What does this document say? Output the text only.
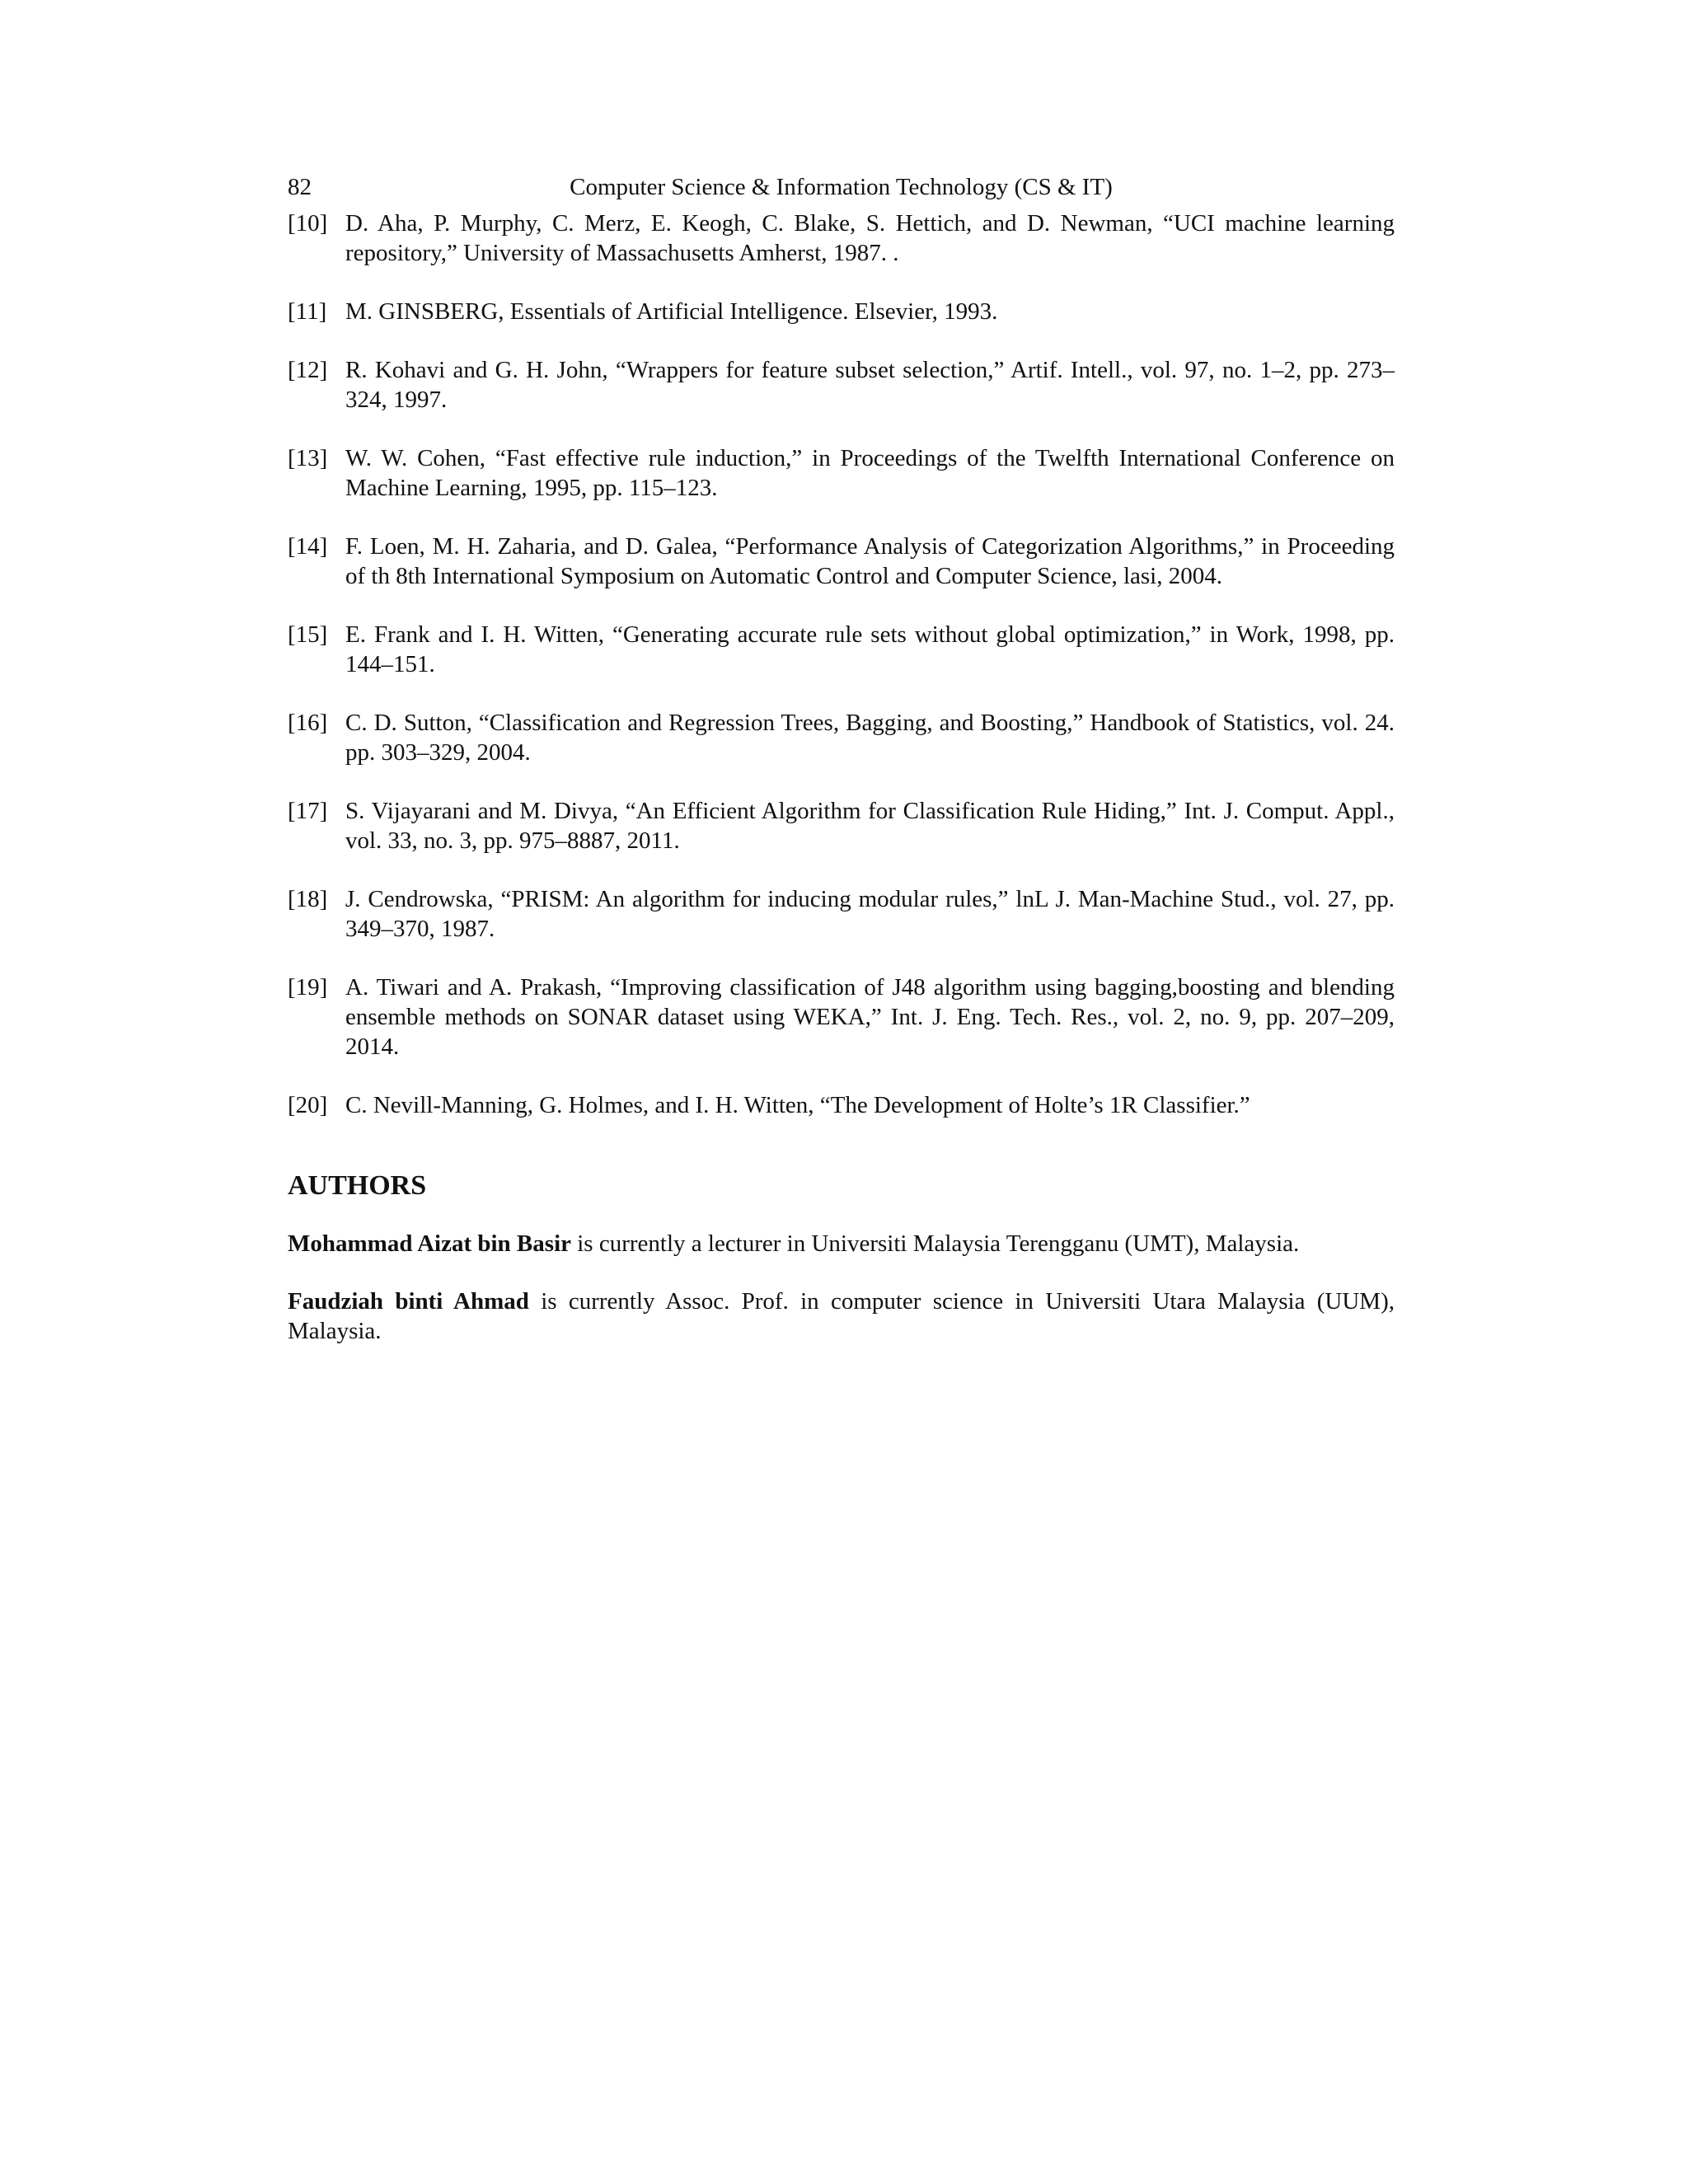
82	Computer Science & Information Technology (CS & IT)
[10] D. Aha, P. Murphy, C. Merz, E. Keogh, C. Blake, S. Hettich, and D. Newman, “UCI machine learning repository,” University of Massachusetts Amherst, 1987. .
[11] M. GINSBERG, Essentials of Artificial Intelligence. Elsevier, 1993.
[12] R. Kohavi and G. H. John, “Wrappers for feature subset selection,” Artif. Intell., vol. 97, no. 1–2, pp. 273–324, 1997.
[13] W. W. Cohen, “Fast effective rule induction,” in Proceedings of the Twelfth International Conference on Machine Learning, 1995, pp. 115–123.
[14] F. Loen, M. H. Zaharia, and D. Galea, “Performance Analysis of Categorization Algorithms,” in Proceeding of th 8th International Symposium on Automatic Control and Computer Science, lasi, 2004.
[15] E. Frank and I. H. Witten, “Generating accurate rule sets without global optimization,” in Work, 1998, pp. 144–151.
[16] C. D. Sutton, “Classification and Regression Trees, Bagging, and Boosting,” Handbook of Statistics, vol. 24. pp. 303–329, 2004.
[17] S. Vijayarani and M. Divya, “An Efficient Algorithm for Classification Rule Hiding,” Int. J. Comput. Appl., vol. 33, no. 3, pp. 975–8887, 2011.
[18] J. Cendrowska, “PRISM: An algorithm for inducing modular rules,” lnL J. Man-Machine Stud., vol. 27, pp. 349–370, 1987.
[19] A. Tiwari and A. Prakash, “Improving classification of J48 algorithm using bagging,boosting and blending ensemble methods on SONAR dataset using WEKA,” Int. J. Eng. Tech. Res., vol. 2, no. 9, pp. 207–209, 2014.
[20] C. Nevill-Manning, G. Holmes, and I. H. Witten, “The Development of Holte’s 1R Classifier.”
AUTHORS

Mohammad Aizat bin Basir is currently a lecturer in Universiti Malaysia Terengganu (UMT), Malaysia.

Faudziah binti Ahmad is currently Assoc. Prof. in computer science in Universiti Utara Malaysia (UUM), Malaysia.
